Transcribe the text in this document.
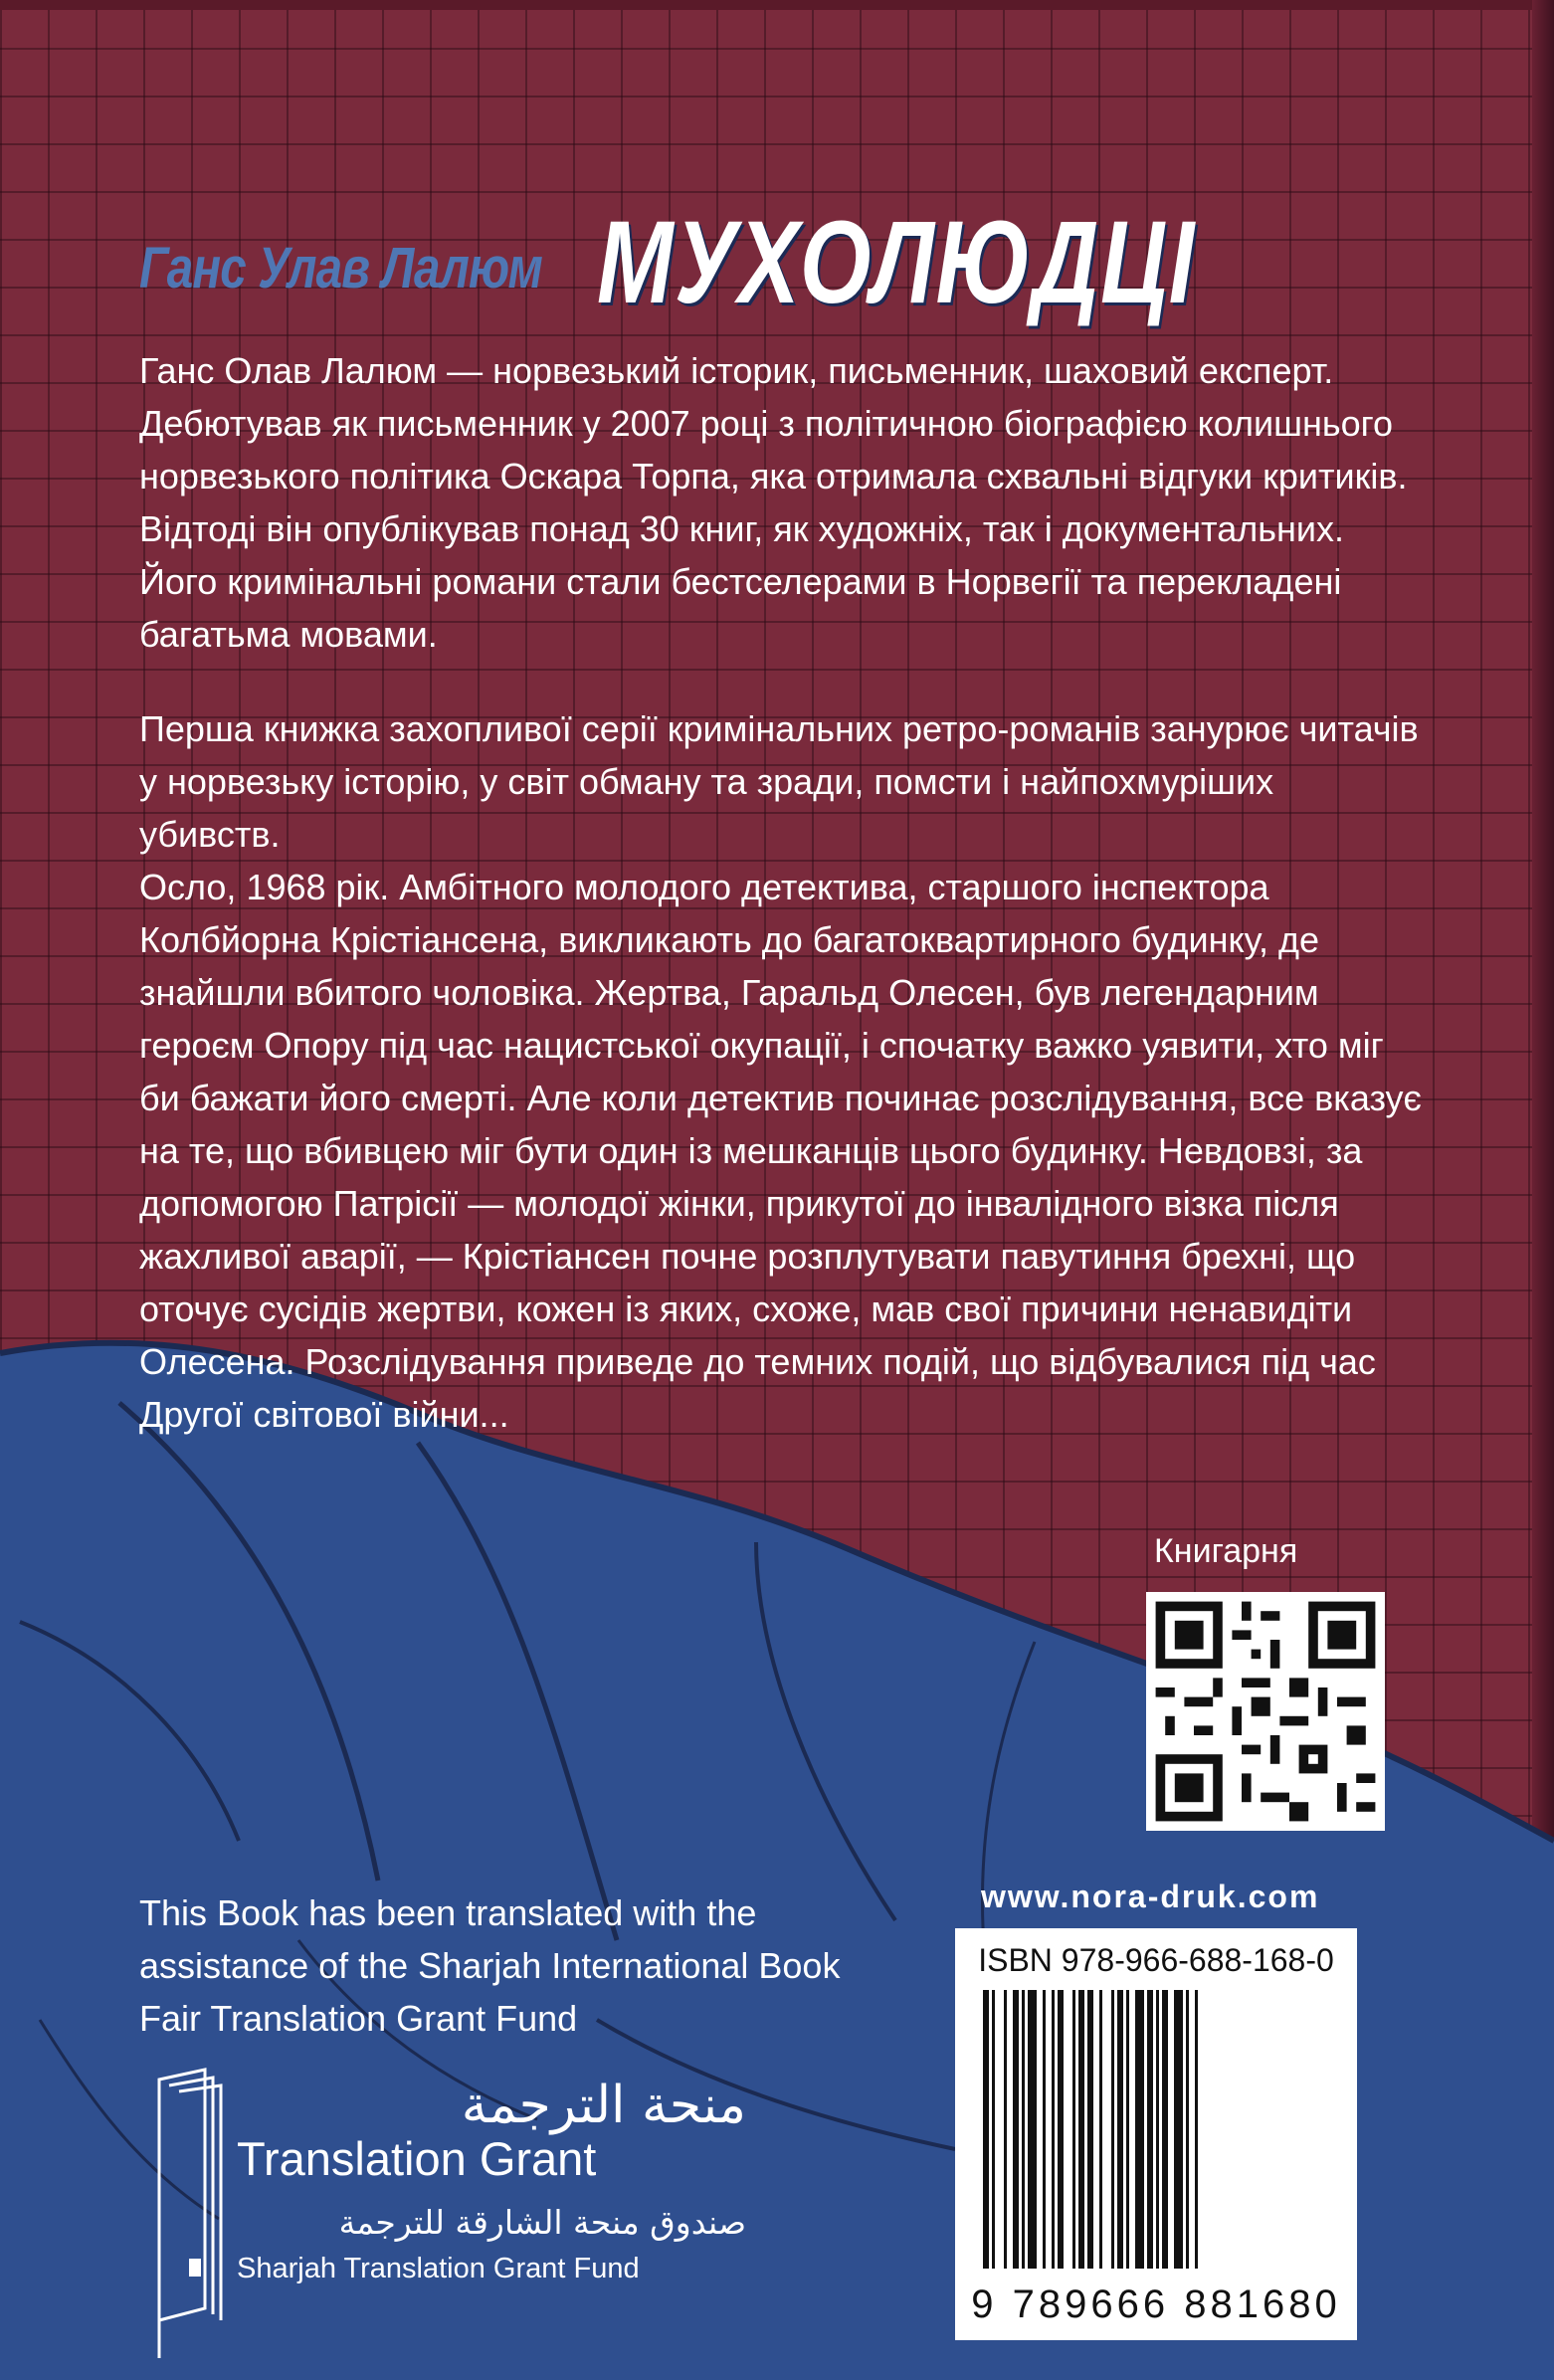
Ганс Улав Лалюм МУХОЛЮДЦІ

Ганс Олав Лалюм — норвезький історик, письменник, шаховий експерт. Дебютував як письменник у 2007 році з політичною біографією колишнього норвезького політика Оскара Торпа, яка отримала схвальні відгуки критиків. Відтоді він опублікував понад 30 книг, як художніх, так і документальних. Його кримінальні романи стали бестселерами в Норвегії та перекладені багатьма мовами.

Перша книжка захопливої серії кримінальних ретро-романів занурює читачів у норвезьку історію, у світ обману та зради, помсти і найпохмуріших убивств.

Осло, 1968 рік. Амбітного молодого детектива, старшого інспектора Колбйорна Крістіансена, викликають до багатоквартирного будинку, де знайшли вбитого чоловіка. Жертва, Гаральд Олесен, був легендарним героєм Опору під час нацистської окупації, і спочатку важко уявити, хто міг би бажати його смерті. Але коли детектив починає розслідування, все вказує на те, що вбивцею міг бути один із мешканців цього будинку. Невдовзі, за допомогою Патрісії — молодої жінки, прикутої до інвалідного візка після жахливої аварії, — Крістіансен почне розплутувати павутиння брехні, що оточує сусідів жертви, кожен із яких, схоже, мав свої причини ненавидіти Олесена. Розслідування приведе до темних подій, що відбувалися під час Другої світової війни...

Книгарня
www.nora-druk.com
ISBN 978-966-688-168-0
9 789666 881680
This Book has been translated with the assistance of the Sharjah International Book Fair Translation Grant Fund
منحة الترجمة
Translation Grant
صندوق منحة الشارقة للترجمة
Sharjah Translation Grant Fund
